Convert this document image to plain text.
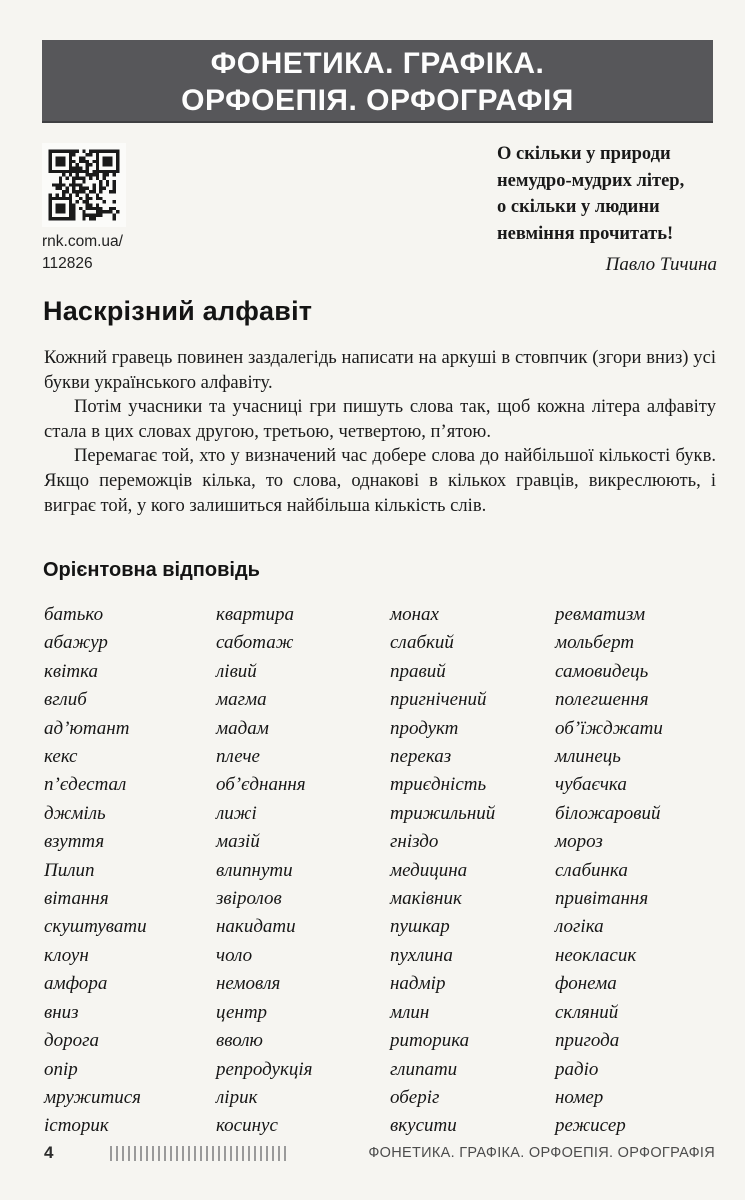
ФОНЕТИКА. ГРАФІКА.
ОРФОЕПІЯ. ОРФОГРАФІЯ
rnk.com.ua/
112826
О скільки у природи
немудро-мудрих літер,
о скільки у людини
невміння прочитать!
Павло Тичина
Наскрізний алфавіт

Кожний гравець повинен заздалегідь написати на аркуші в стовпчик (згори вниз) усі букви українського алфавіту.

Потім учасники та учасниці гри пишуть слова так, щоб кожна літера алфавіту стала в цих словах другою, третьою, четвертою, п’ятою.

Перемагає той, хто у визначений час добере слова до найбільшої кількості букв. Якщо переможців кілька, то слова, однакові в кількох гравців, викреслюють, і виграє той, у кого залишиться найбільша кількість слів.

Орієнтовна відповідь
батько	квартира	монах	ревматизм
абажур	саботаж	слабкий	мольберт
квітка	лівий	правий	самовидець
вглиб	магма	пригнічений	полегшення
ад’ютант	мадам	продукт	об’їжджати
кекс	плече	переказ	млинець
п’єдестал	об’єднання	триєдність	чубаєчка
джміль	лижі	трижильний	біложаровий
взуття	мазій	гніздо	мороз
Пилип	влипнути	медицина	слабинка
вітання	звіролов	маківник	привітання
скуштувати	накидати	пушкар	логіка
клоун	чоло	пухлина	неокласик
амфора	немовля	надмір	фонема
вниз	центр	млин	скляний
дорога	вволю	риторика	пригода
опір	репродукція	глипати	радіо
мружитися	лірик	оберіг	номер
історик	косинус	вкусити	режисер
4	ФОНЕТИКА. ГРАФІКА. ОРФОЕПІЯ. ОРФОГРАФІЯ
